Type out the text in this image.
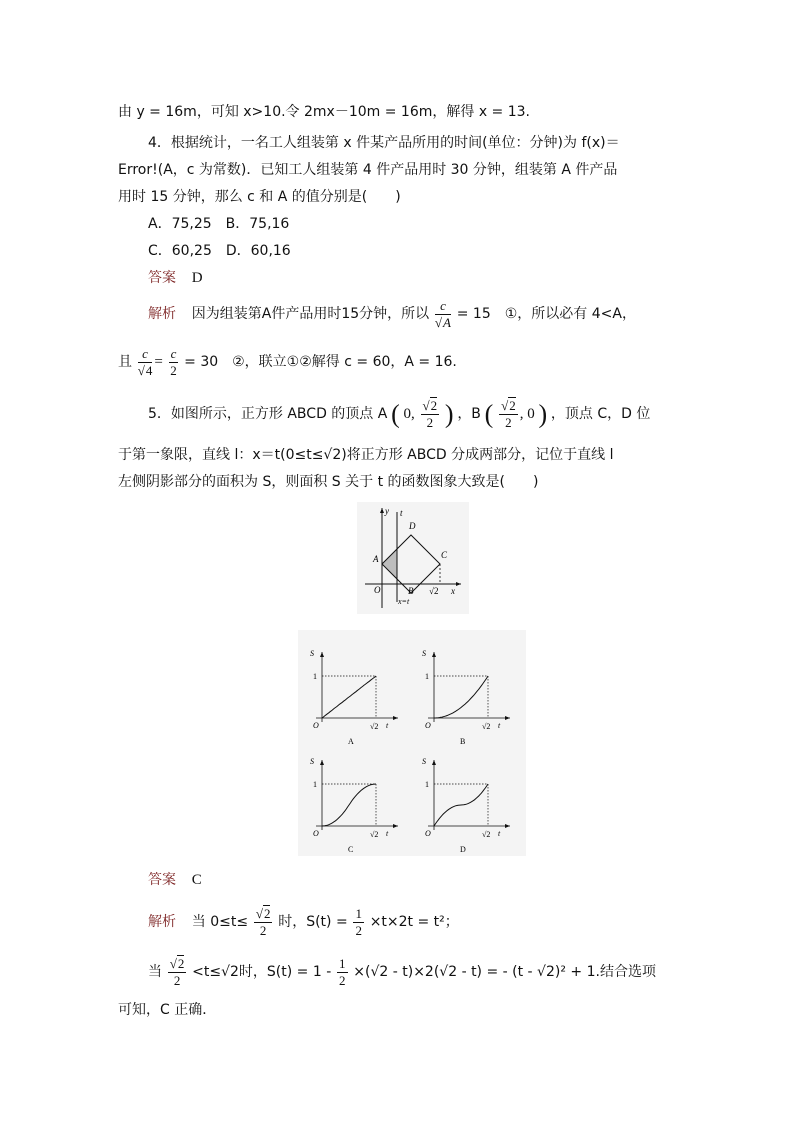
由 y = 16m，可知 x>10.令 2mx－10m = 16m，解得 x = 13.
4．根据统计，一名工人组装第 x 件某产品所用的时间(单位：分钟)为 f(x)＝
Error!(A，c 为常数)．已知工人组装第 4 件产品用时 30 分钟，组装第 A 件产品
用时 15 分钟，那么 c 和 A 的值分别是(　　)
A．75,25　B．75,16
C．60,25　D．60,16
答案 D
解析 因为组装第A件产品用时15分钟，所以 $\frac{c}{√A} = 15$　①，所以必有 4<A，
且 $\frac{c}{√4} = \frac{c}{2} = 30$　②，联立①②解得 c = 60，A = 16.
5．如图所示，正方形 ABCD 的顶点 A ( 0, $\frac{√2}{2}$ ) ，B ( $\frac{√2}{2}$ , 0 ) ，顶点 C，D 位
于第一象限，直线 l：x＝t(0≤t≤√2)将正方形 ABCD 分成两部分，记位于直线 l
左侧阴影部分的面积为 S，则面积 S 关于 t 的函数图象大致是(　　)
y t
D
A	C
O	B √2 x
x=t
S
1
O	√2 t
A
S
1
O	√2 t
B
S
1
O	√2 t
C
S
1
O	√2 t
D
答案 C
解析 当 $0\le t\le \frac{√2}{2}$ 时，$S(t) = \frac{1}{2} \times t\times 2t = t^2$；
当 $\frac{√2}{2} <t\le√2$时，$S(t) = 1 - \frac{1}{2} \times(√2 - t)\times 2(√2 - t)$ = - (t - √2)² + 1.结合选项
可知，C 正确．
